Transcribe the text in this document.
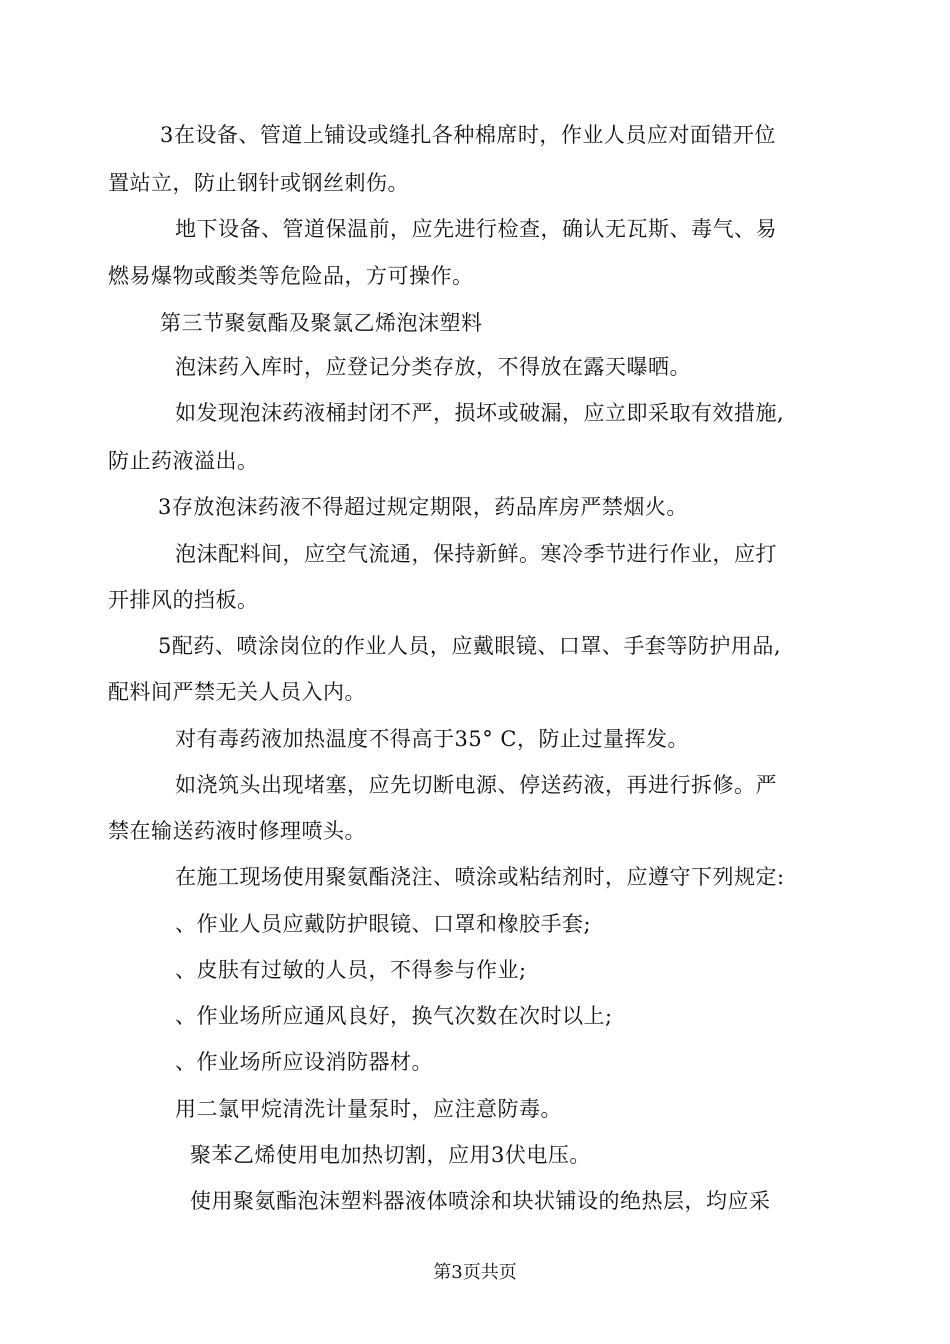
3在设备、管道上铺设或缝扎各种棉席时，作业人员应对面错开位
置站立，防止钢针或钢丝刺伤。
地下设备、管道保温前，应先进行检查，确认无瓦斯、毒气、易
燃易爆物或酸类等危险品，方可操作。
第三节聚氨酯及聚氯乙烯泡沫塑料
泡沫药入库时，应登记分类存放，不得放在露天曝晒。
如发现泡沫药液桶封闭不严，损坏或破漏，应立即采取有效措施,
防止药液溢出。
3存放泡沫药液不得超过规定期限，药品库房严禁烟火。
泡沫配料间，应空气流通，保持新鲜。寒冷季节进行作业，应打
开排风的挡板。
5配药、喷涂岗位的作业人员，应戴眼镜、口罩、手套等防护用品,
配料间严禁无关人员入内。
对有毒药液加热温度不得高于35° C，防止过量挥发。
如浇筑头出现堵塞，应先切断电源、停送药液，再进行拆修。严
禁在输送药液时修理喷头。
在施工现场使用聚氨酯浇注、喷涂或粘结剂时，应遵守下列规定:
、作业人员应戴防护眼镜、口罩和橡胶手套;
、皮肤有过敏的人员，不得参与作业;
、作业场所应通风良好，换气次数在次时以上;
、作业场所应设消防器材。
用二氯甲烷清洗计量泵时，应注意防毒。
聚苯乙烯使用电加热切割，应用3伏电压。
使用聚氨酯泡沫塑料器液体喷涂和块状铺设的绝热层，均应采
第3页共页
